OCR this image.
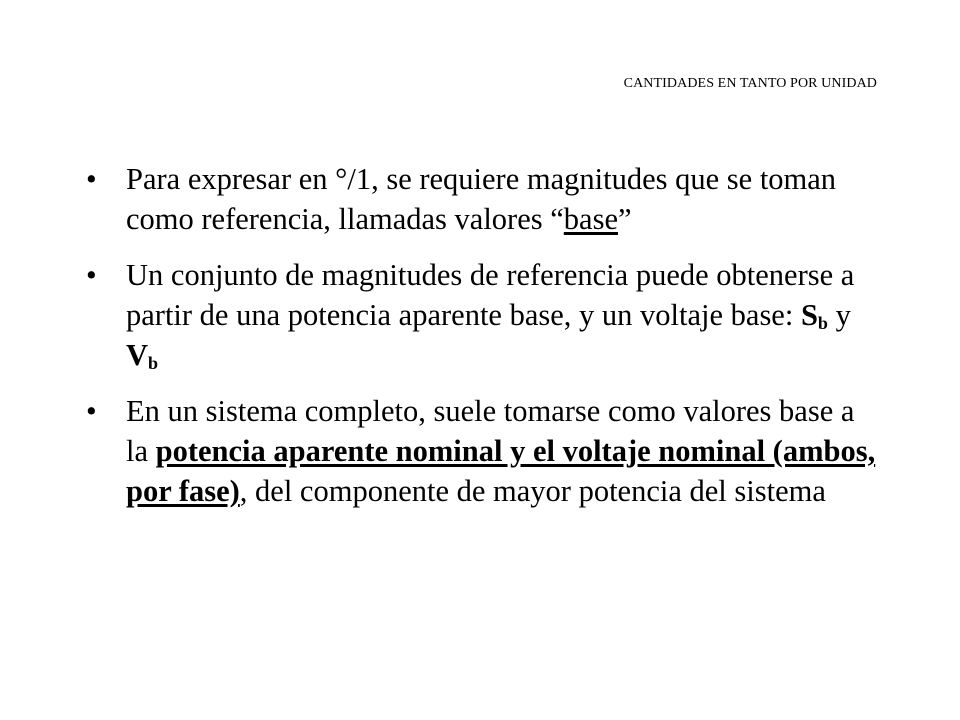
CANTIDADES EN TANTO POR UNIDAD
• Para expresar en °/1, se requiere magnitudes que se toman como referencia, llamadas valores “base”
• Un conjunto de magnitudes de referencia puede obtenerse a partir de una potencia aparente base, y un voltaje base: $S_b$ y $V_b$
• En un sistema completo, suele tomarse como valores base a la potencia aparente nominal y el voltaje nominal (ambos, por fase), del componente de mayor potencia del sistema
